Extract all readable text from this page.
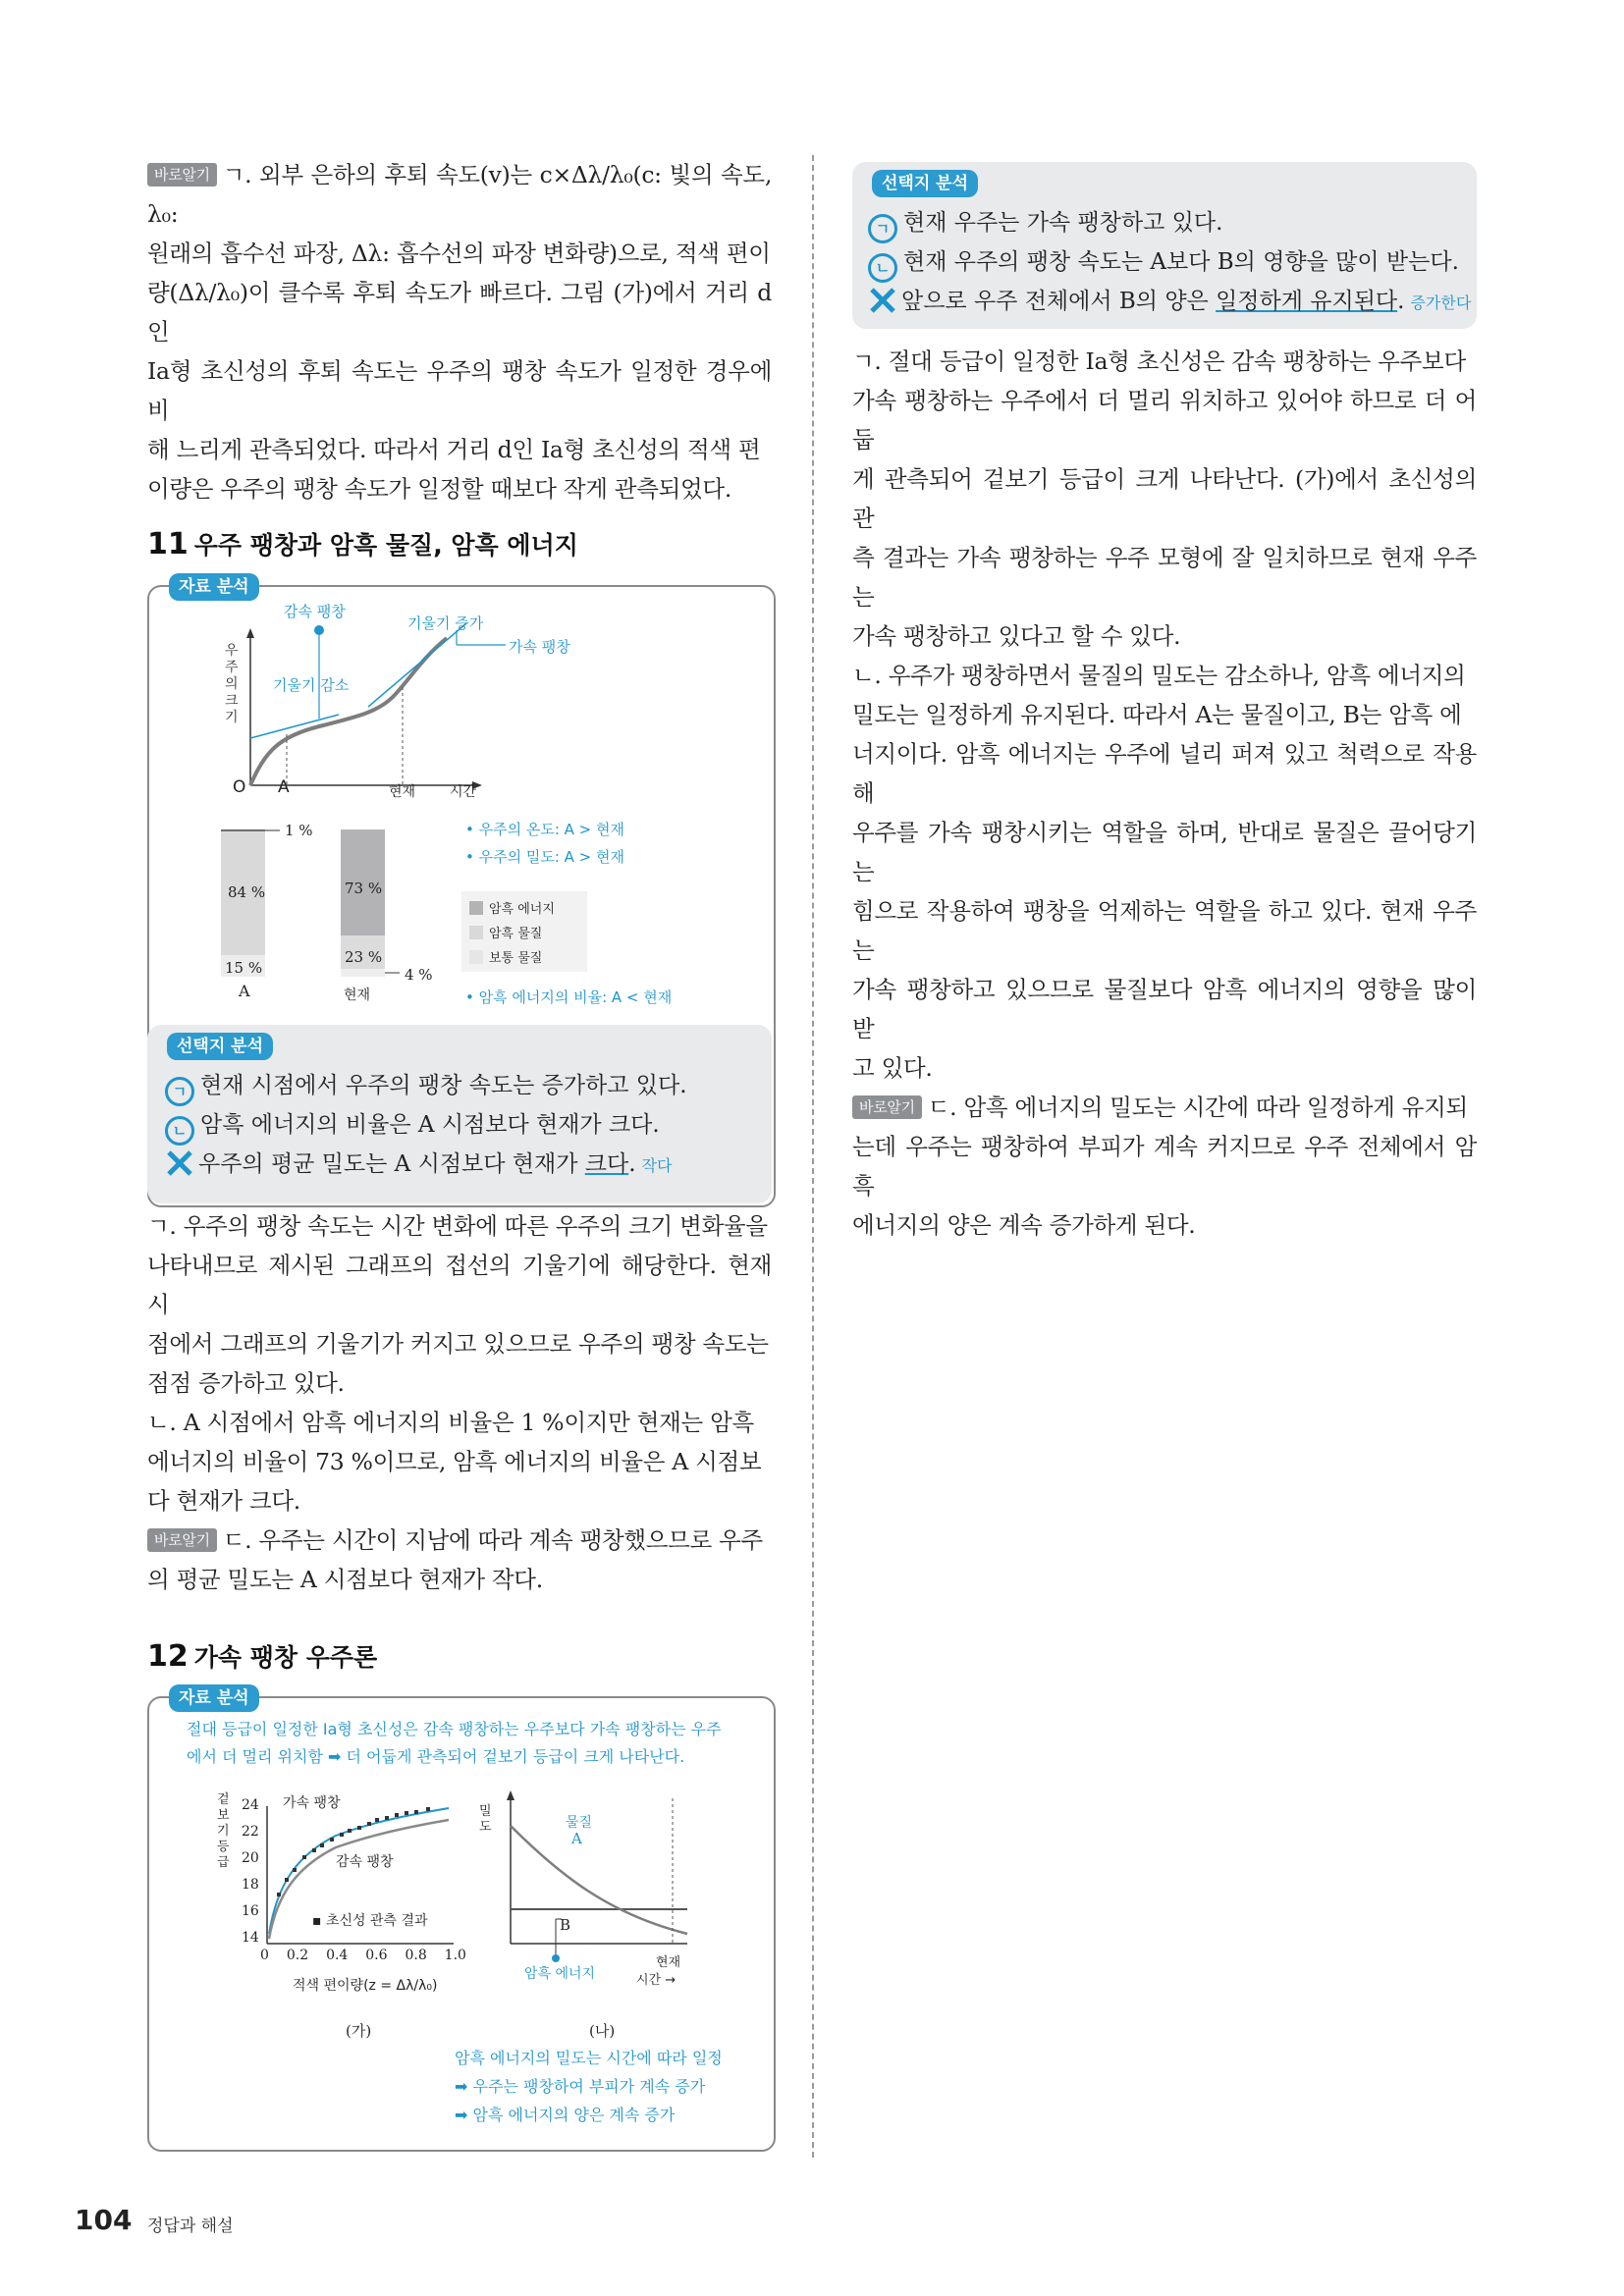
바로알기 ㄱ. 외부 은하의 후퇴 속도(v)는 c×Δλ/λ₀(c: 빛의 속도, λ₀:
원래의 흡수선 파장, Δλ: 흡수선의 파장 변화량)으로, 적색 편이
량(Δλ/λ₀)이 클수록 후퇴 속도가 빠르다. 그림 (가)에서 거리 d인
Ia형 초신성의 후퇴 속도는 우주의 팽창 속도가 일정한 경우에 비
해 느리게 관측되었다. 따라서 거리 d인 Ia형 초신성의 적색 편
이량은 우주의 팽창 속도가 일정할 때보다 작게 관측되었다.

11 우주 팽창과 암흑 물질, 암흑 에너지
자료 분석
우주의 크기
O A	현재 시간
감속 팽창
기울기 증가
가속 팽창
기울기 감소
1 %
84 %
15 %
A
73 %
23 %
4 %
현재
암흑 에너지
암흑 물질
보통 물질
• 우주의 온도: A > 현재
• 우주의 밀도: A > 현재
• 암흑 에너지의 비율: A < 현재
선택지 분석
ㄱ 현재 시점에서 우주의 팽창 속도는 증가하고 있다.
ㄴ 암흑 에너지의 비율은 A 시점보다 현재가 크다.
우주의 평균 밀도는 A 시점보다 현재가 크다. 작다

ㄱ. 우주의 팽창 속도는 시간 변화에 따른 우주의 크기 변화율을
나타내므로 제시된 그래프의 접선의 기울기에 해당한다. 현재 시
점에서 그래프의 기울기가 커지고 있으므로 우주의 팽창 속도는
점점 증가하고 있다.
ㄴ. A 시점에서 암흑 에너지의 비율은 1 %이지만 현재는 암흑
에너지의 비율이 73 %이므로, 암흑 에너지의 비율은 A 시점보
다 현재가 크다.
바로알기 ㄷ. 우주는 시간이 지남에 따라 계속 팽창했으므로 우주
의 평균 밀도는 A 시점보다 현재가 작다.

12 가속 팽창 우주론
자료 분석
절대 등급이 일정한 Ia형 초신성은 감속 팽창하는 우주보다 가속 팽창하는 우주
에서 더 멀리 위치함 ➡ 더 어둡게 관측되어 겉보기 등급이 크게 나타난다.
겉보기 등급
24
22
20
18
16
14
0 0.2 0.4 0.6 0.8 1.0
적색 편이량(z = Δλ/λ₀)
가속 팽창
감속 팽창
▪ 초신성 관측 결과
(가)
밀도	물질
A
B
암흑 에너지
현재
시간 →
(나)
암흑 에너지의 밀도는 시간에 따라 일정
➡ 우주는 팽창하여 부피가 계속 증가
➡ 암흑 에너지의 양은 계속 증가
선택지 분석
ㄱ 현재 우주는 가속 팽창하고 있다.
ㄴ 현재 우주의 팽창 속도는 A보다 B의 영향을 많이 받는다.
앞으로 우주 전체에서 B의 양은 일정하게 유지된다. 증가한다

ㄱ. 절대 등급이 일정한 Ia형 초신성은 감속 팽창하는 우주보다
가속 팽창하는 우주에서 더 멀리 위치하고 있어야 하므로 더 어둡
게 관측되어 겉보기 등급이 크게 나타난다. (가)에서 초신성의 관
측 결과는 가속 팽창하는 우주 모형에 잘 일치하므로 현재 우주는
가속 팽창하고 있다고 할 수 있다.
ㄴ. 우주가 팽창하면서 물질의 밀도는 감소하나, 암흑 에너지의
밀도는 일정하게 유지된다. 따라서 A는 물질이고, B는 암흑 에
너지이다. 암흑 에너지는 우주에 널리 퍼져 있고 척력으로 작용해
우주를 가속 팽창시키는 역할을 하며, 반대로 물질은 끌어당기는
힘으로 작용하여 팽창을 억제하는 역할을 하고 있다. 현재 우주는
가속 팽창하고 있으므로 물질보다 암흑 에너지의 영향을 많이 받
고 있다.
바로알기 ㄷ. 암흑 에너지의 밀도는 시간에 따라 일정하게 유지되
는데 우주는 팽창하여 부피가 계속 커지므로 우주 전체에서 암흑
에너지의 양은 계속 증가하게 된다.

104 정답과 해설
